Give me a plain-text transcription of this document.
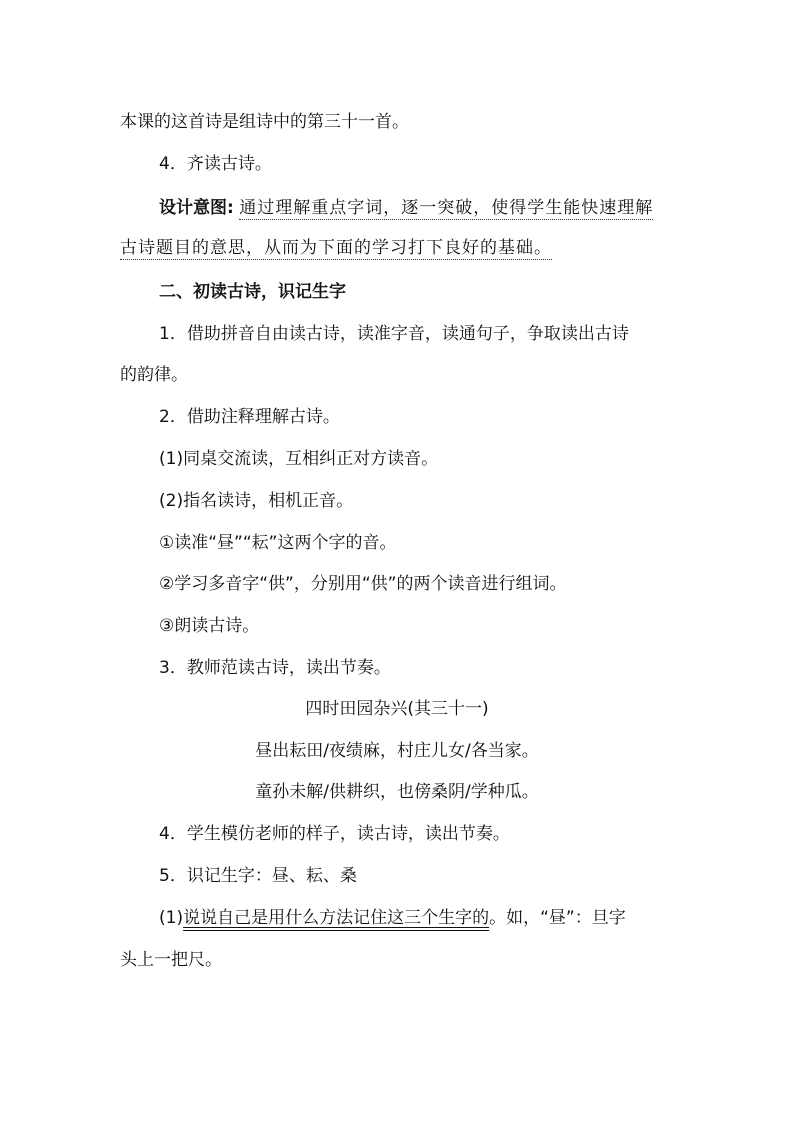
本课的这首诗是组诗中的第三十一首。
4．齐读古诗。
设计意图: 通过理解重点字词，逐一突破，使得学生能快速理解
古诗题目的意思，从而为下面的学习打下良好的基础。
二、初读古诗，识记生字
1．借助拼音自由读古诗，读准字音，读通句子，争取读出古诗
的韵律。
2．借助注释理解古诗。
(1)同桌交流读，互相纠正对方读音。
(2)指名读诗，相机正音。
①读准“昼”“耘”这两个字的音。
②学习多音字“供”，分别用“供”的两个读音进行组词。
③朗读古诗。
3．教师范读古诗，读出节奏。
四时田园杂兴(其三十一)
昼出耘田/夜绩麻，村庄儿女/各当家。
童孙未解/供耕织，也傍桑阴/学种瓜。
4．学生模仿老师的样子，读古诗，读出节奏。
5．识记生字：昼、耘、桑
(1)说说自己是用什么方法记住这三个生字的。如，“昼”：旦字
头上一把尺。
